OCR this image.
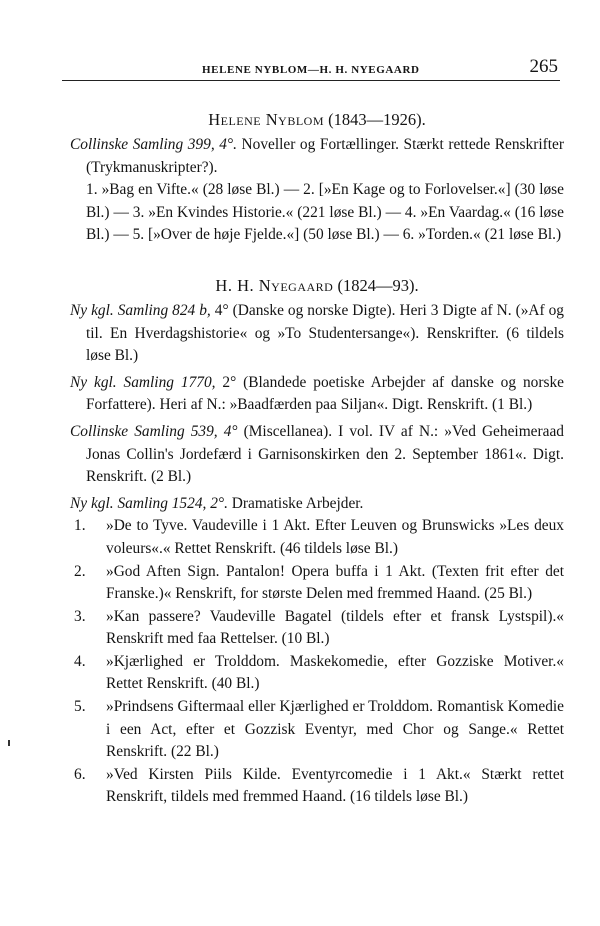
HELENE NYBLOM—H. H. NYEGAARD	265
Helene Nyblom (1843—1926).

Collinske Samling 399, 4°. Noveller og Fortællinger. Stærkt rettede Renskrifter (Trykmanuskripter?).
1. »Bag en Vifte.« (28 løse Bl.) — 2. [»En Kage og to Forlovelser.«] (30 løse Bl.) — 3. »En Kvindes Historie.« (221 løse Bl.) — 4. »En Vaardag.« (16 løse Bl.) — 5. [»Over de høje Fjelde.«] (50 løse Bl.) — 6. »Torden.« (21 løse Bl.)

H. H. Nyegaard (1824—93).

Ny kgl. Samling 824 b, 4° (Danske og norske Digte). Heri 3 Digte af N. (»Af og til. En Hverdagshistorie« og »To Studentersange«). Renskrifter. (6 tildels løse Bl.)

Ny kgl. Samling 1770, 2° (Blandede poetiske Arbejder af danske og norske Forfattere). Heri af N.: »Baadfærden paa Siljan«. Digt. Renskrift. (1 Bl.)

Collinske Samling 539, 4° (Miscellanea). I vol. IV af N.: »Ved Geheimeraad Jonas Collin's Jordefærd i Garnisonskirken den 2. September 1861«. Digt. Renskrift. (2 Bl.)

Ny kgl. Samling 1524, 2°. Dramatiske Arbejder.

1. »De to Tyve. Vaudeville i 1 Akt. Efter Leuven og Brunswicks »Les deux voleurs«.« Rettet Renskrift. (46 tildels løse Bl.)
2. »God Aften Sign. Pantalon! Opera buffa i 1 Akt. (Texten frit efter det Franske.)« Renskrift, for største Delen med fremmed Haand. (25 Bl.)
3. »Kan passere? Vaudeville Bagatel (tildels efter et fransk Lystspil).« Renskrift med faa Rettelser. (10 Bl.)
4. »Kjærlighed er Trolddom. Maskekomedie, efter Gozziske Motiver.« Rettet Renskrift. (40 Bl.)
5. »Prindsens Giftermaal eller Kjærlighed er Trolddom. Romantisk Komedie i een Act, efter et Gozzisk Eventyr, med Chor og Sange.« Rettet Renskrift. (22 Bl.)
6. »Ved Kirsten Piils Kilde. Eventyrcomedie i 1 Akt.« Stærkt rettet Renskrift, tildels med fremmed Haand. (16 tildels løse Bl.)
